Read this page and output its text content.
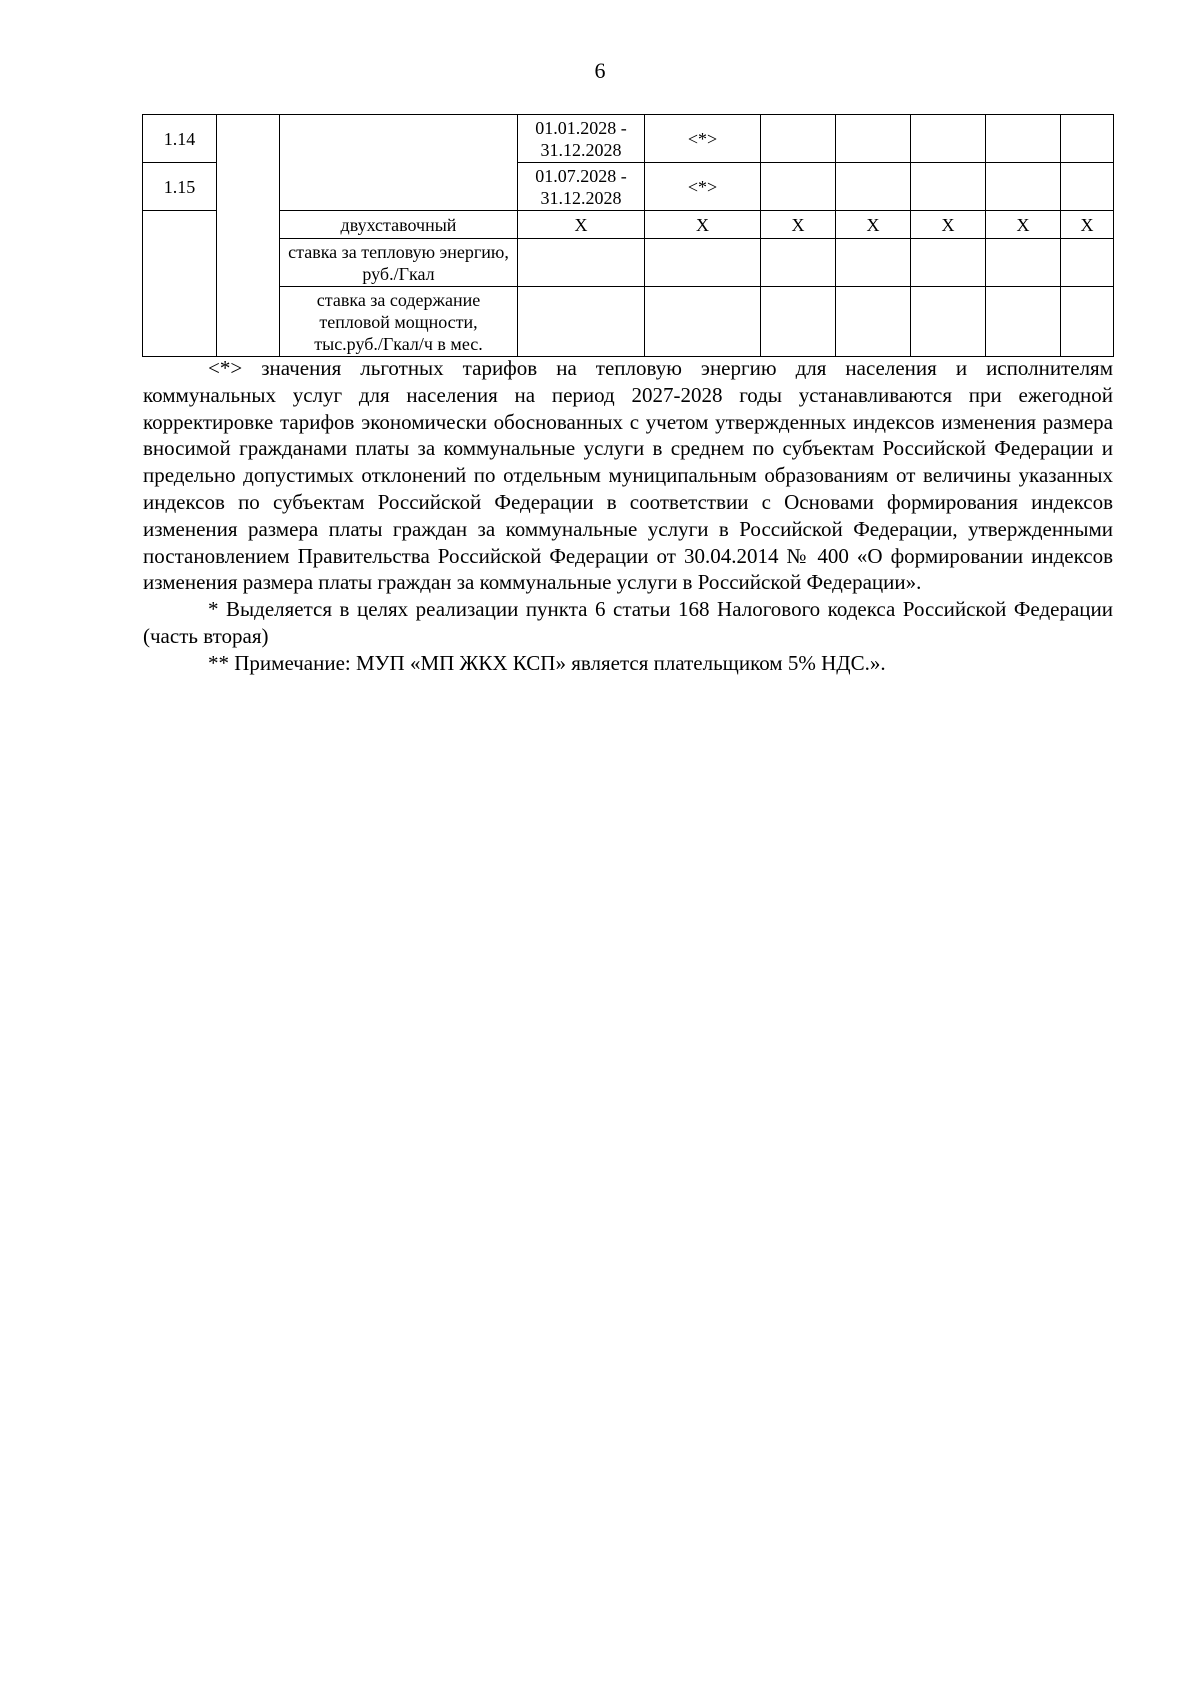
6
1.14			01.01.2028 - 31.12.2028	<*>					
1.15			01.07.2028 - 31.12.2028	<*>					
		двухставочный	X	X	X	X	X	X	X
		ставка за тепловую энергию, руб./Гкал							
		ставка за содержание тепловой мощности, тыс.руб./Гкал/ч в мес.							

<*> значения льготных тарифов на тепловую энергию для населения и исполнителям коммунальных услуг для населения на период 2027-2028 годы устанавливаются при ежегодной корректировке тарифов экономически обоснованных с учетом утвержденных индексов изменения размера вносимой гражданами платы за коммунальные услуги в среднем по субъектам Российской Федерации и предельно допустимых отклонений по отдельным муниципальным образованиям от величины указанных индексов по субъектам Российской Федерации в соответствии с Основами формирования индексов изменения размера платы граждан за коммунальные услуги в Российской Федерации, утвержденными постановлением Правительства Российской Федерации от 30.04.2014 № 400 «О формировании индексов изменения размера платы граждан за коммунальные услуги в Российской Федерации».

* Выделяется в целях реализации пункта 6 статьи 168 Налогового кодекса Российской Федерации (часть вторая)

** Примечание: МУП «МП ЖКХ КСП» является плательщиком 5% НДС.».
